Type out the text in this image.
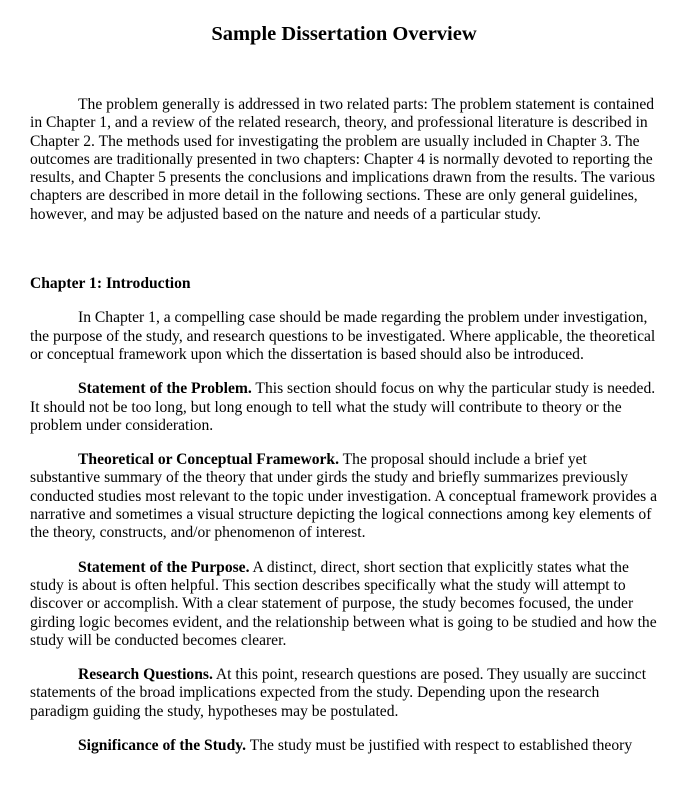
Sample Dissertation Overview

The problem generally is addressed in two related parts: The problem statement is contained in Chapter 1, and a review of the related research, theory, and professional literature is described in Chapter 2. The methods used for investigating the problem are usually included in Chapter 3. The outcomes are traditionally presented in two chapters: Chapter 4 is normally devoted to reporting the results, and Chapter 5 presents the conclusions and implications drawn from the results. The various chapters are described in more detail in the following sections. These are only general guidelines, however, and may be adjusted based on the nature and needs of a particular study.

Chapter 1: Introduction

In Chapter 1, a compelling case should be made regarding the problem under investigation, the purpose of the study, and research questions to be investigated. Where applicable, the theoretical or conceptual framework upon which the dissertation is based should also be introduced.

Statement of the Problem. This section should focus on why the particular study is needed. It should not be too long, but long enough to tell what the study will contribute to theory or the problem under consideration.

Theoretical or Conceptual Framework. The proposal should include a brief yet substantive summary of the theory that under girds the study and briefly summarizes previously conducted studies most relevant to the topic under investigation. A conceptual framework provides a narrative and sometimes a visual structure depicting the logical connections among key elements of the theory, constructs, and/or phenomenon of interest.

Statement of the Purpose. A distinct, direct, short section that explicitly states what the study is about is often helpful. This section describes specifically what the study will attempt to discover or accomplish. With a clear statement of purpose, the study becomes focused, the under girding logic becomes evident, and the relationship between what is going to be studied and how the study will be conducted becomes clearer.

Research Questions. At this point, research questions are posed. They usually are succinct statements of the broad implications expected from the study. Depending upon the research paradigm guiding the study, hypotheses may be postulated.

Significance of the Study. The study must be justified with respect to established theory
